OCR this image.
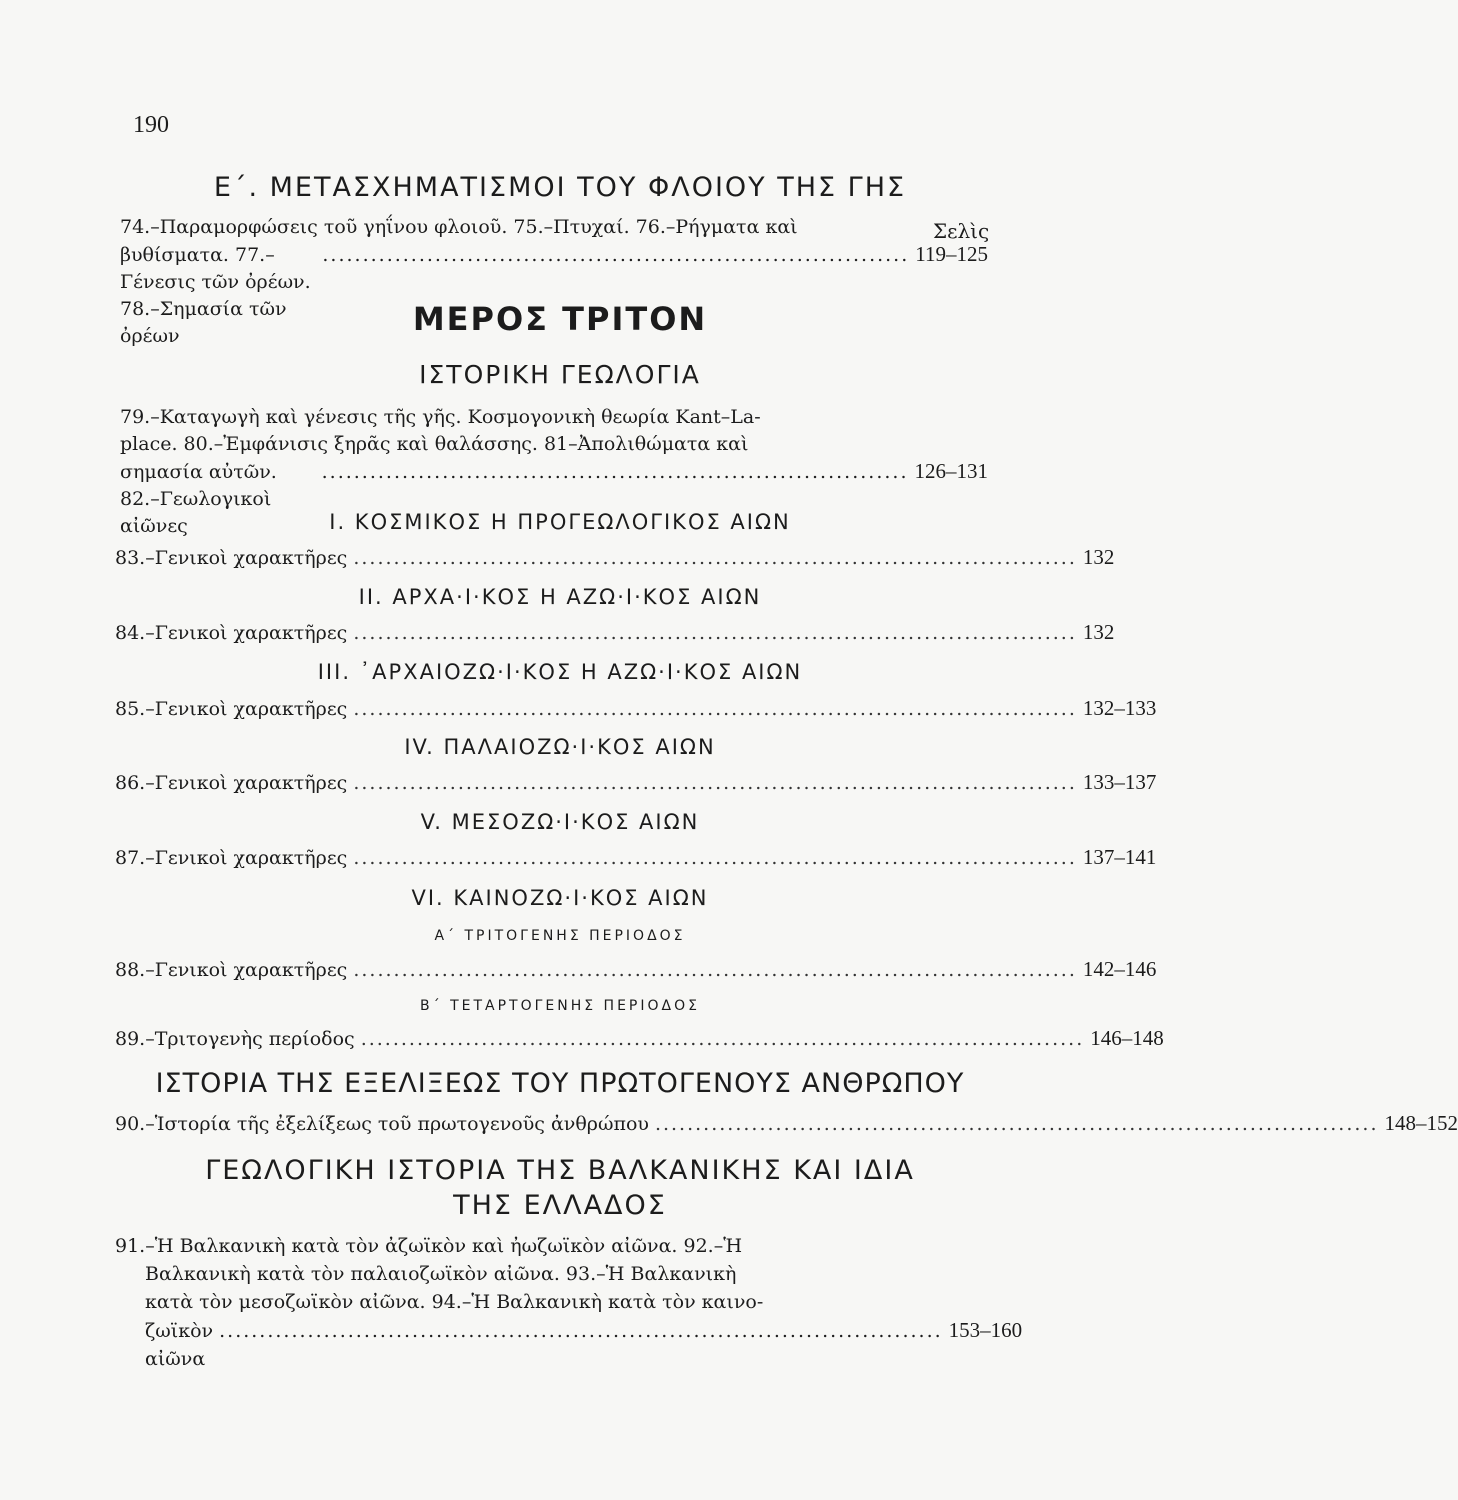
190
Ε΄. ΜΕΤΑΣΧΗΜΑΤΙΣΜΟΙ ΤΟΥ ΦΛΟΙΟΥ ΤΗΣ ΓΗΣ
74.–Παραμορφώσεις τοῦ γηΐνου φλοιοῦ. 75.–Πτυχαί. 76.–Ρήγματα καὶ
βυθίσματα. 77.–Γένεσις τῶν ὀρέων. 78.–Σημασία τῶν ὀρέων
......................................................................... 119–125
Σελὶς
ΜΕΡΟΣ ΤΡΙΤΟΝ
ΙΣΤΟΡΙΚΗ ΓΕΩΛΟΓΙΑ
79.–Καταγωγὴ καὶ γένεσις τῆς γῆς. Κοσμογονικὴ θεωρία Kant–La-
place. 80.–Ἐμφάνισις ξηρᾶς καὶ θαλάσσης. 81–Ἀπολιθώματα καὶ
σημασία αὐτῶν. 82.–Γεωλογικοὶ αἰῶνες
......................................................................... 126–131
I. ΚΟΣΜΙΚΟΣ Η ΠΡΟΓΕΩΛΟΓΙΚΟΣ ΑΙΩΝ
83.–Γενικοὶ χαρακτῆρες .......................................................................................... 132
II. ΑΡΧΑ·Ι·ΚΟΣ Η ΑΖΩ·Ι·ΚΟΣ ΑΙΩΝ
84.–Γενικοὶ χαρακτῆρες .......................................................................................... 132
III. ᾿ΑΡΧΑΙΟΖΩ·Ι·ΚΟΣ Η ΑΖΩ·Ι·ΚΟΣ ΑΙΩΝ
85.–Γενικοὶ χαρακτῆρες .......................................................................................... 132–133
IV. ΠΑΛΑΙΟΖΩ·Ι·ΚΟΣ ΑΙΩΝ
86.–Γενικοὶ χαρακτῆρες .......................................................................................... 133–137
V. ΜΕΣΟΖΩ·Ι·ΚΟΣ ΑΙΩΝ
87.–Γενικοὶ χαρακτῆρες .......................................................................................... 137–141
VI. ΚΑΙΝΟΖΩ·Ι·ΚΟΣ ΑΙΩΝ
Α΄ ΤΡΙΤΟΓΕΝΗΣ ΠΕΡΙΟΔΟΣ
88.–Γενικοὶ χαρακτῆρες .......................................................................................... 142–146
Β΄ ΤΕΤΑΡΤΟΓΕΝΗΣ ΠΕΡΙΟΔΟΣ
89.–Τριτογενὴς περίοδος .......................................................................................... 146–148
ΙΣΤΟΡΙΑ ΤΗΣ ΕΞΕΛΙΞΕΩΣ ΤΟΥ ΠΡΩΤΟΓΕΝΟΥΣ ΑΝΘΡΩΠΟΥ
90.–Ἱστορία τῆς ἐξελίξεως τοῦ πρωτογενοῦς ἀνθρώπου .......................................................................................... 148–152
ΓΕΩΛΟΓΙΚΗ ΙΣΤΟΡΙΑ ΤΗΣ ΒΑΛΚΑΝΙΚΗΣ ΚΑΙ ΙΔΙΑ
ΤΗΣ ΕΛΛΑΔΟΣ
91.–Ἡ Βαλκανικὴ κατὰ τὸν ἀζωϊκὸν καὶ ἠωζωϊκὸν αἰῶνα. 92.–Ἡ
Βαλκανικὴ κατὰ τὸν παλαιοζωϊκὸν αἰῶνα. 93.–Ἡ Βαλκανικὴ
κατὰ τὸν μεσοζωϊκὸν αἰῶνα. 94.–Ἡ Βαλκανικὴ κατὰ τὸν καινο-
ζωϊκὸν αἰῶνα
.......................................................................................... 153–160
